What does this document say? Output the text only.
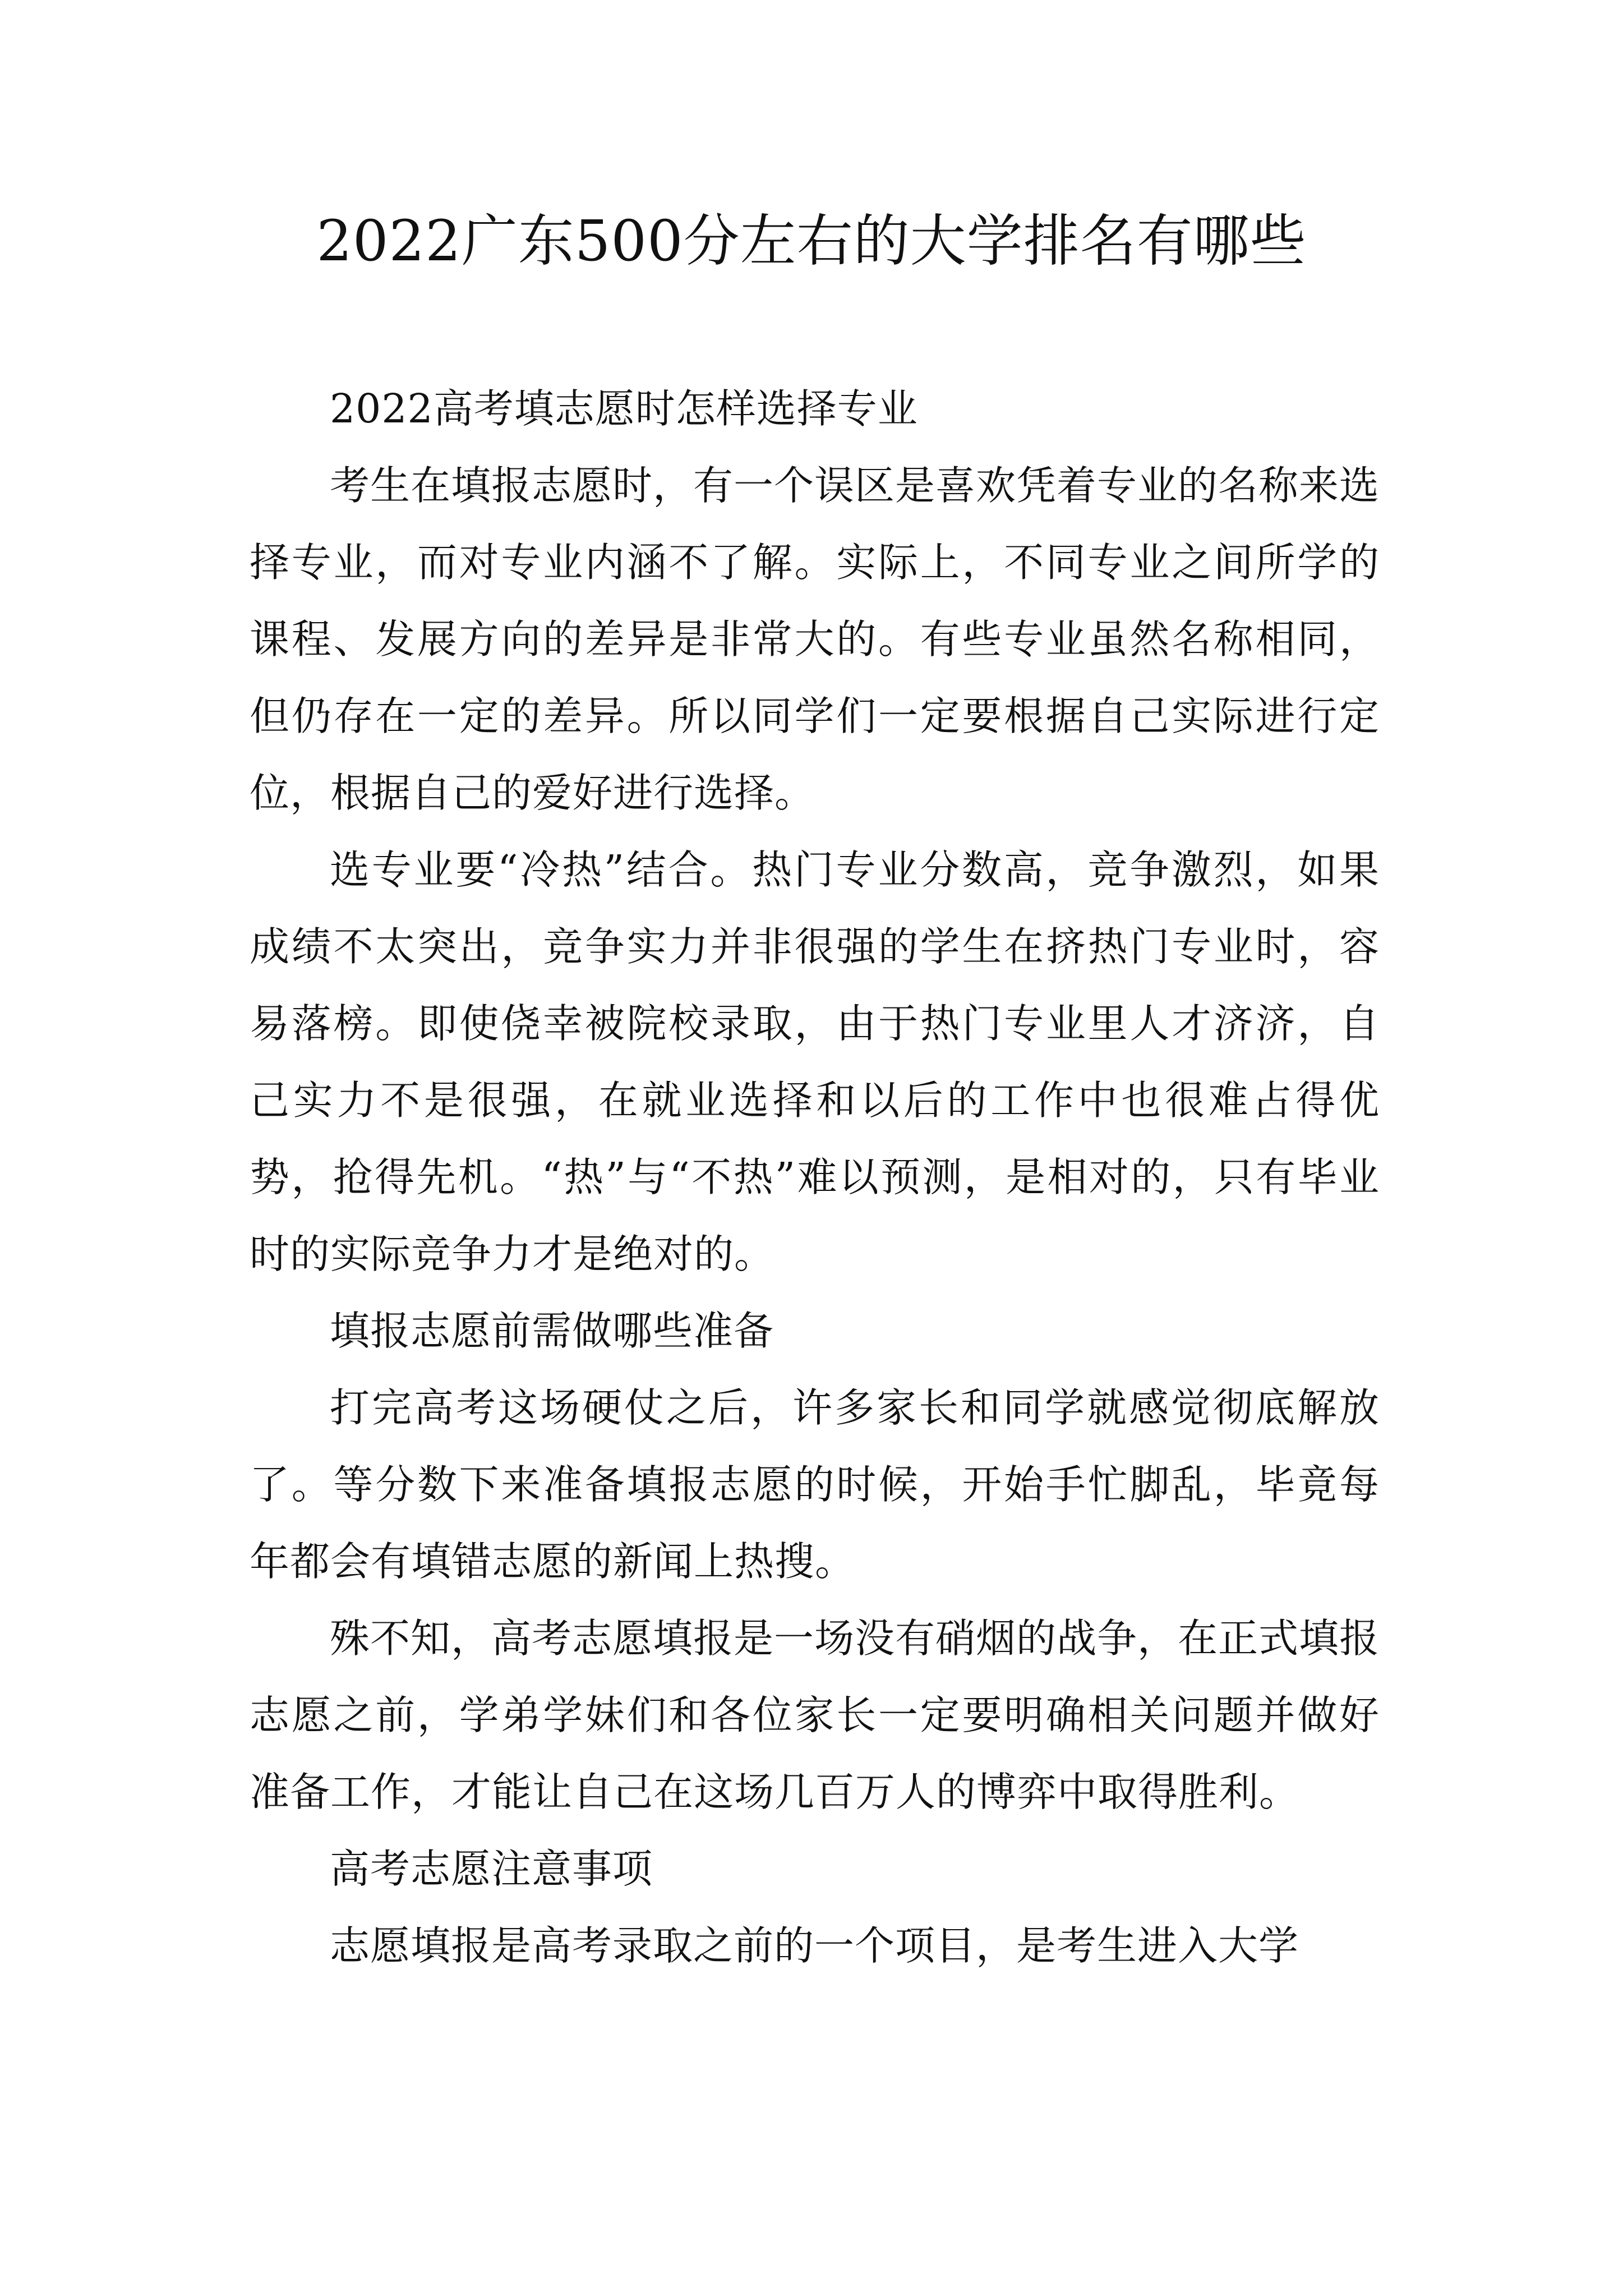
2022广东500分左右的大学排名有哪些

2022高考填志愿时怎样选择专业

考生在填报志愿时，有一个误区是喜欢凭着专业的名称来选择专业，而对专业内涵不了解。实际上，不同专业之间所学的课程、发展方向的差异是非常大的。有些专业虽然名称相同，但仍存在一定的差异。所以同学们一定要根据自己实际进行定位，根据自己的爱好进行选择。

选专业要“冷热”结合。热门专业分数高，竞争激烈，如果成绩不太突出，竞争实力并非很强的学生在挤热门专业时，容易落榜。即使侥幸被院校录取，由于热门专业里人才济济，自己实力不是很强，在就业选择和以后的工作中也很难占得优势，抢得先机。“热”与“不热”难以预测，是相对的，只有毕业时的实际竞争力才是绝对的。

填报志愿前需做哪些准备

打完高考这场硬仗之后，许多家长和同学就感觉彻底解放了。等分数下来准备填报志愿的时候，开始手忙脚乱，毕竟每年都会有填错志愿的新闻上热搜。

殊不知，高考志愿填报是一场没有硝烟的战争，在正式填报志愿之前，学弟学妹们和各位家长一定要明确相关问题并做好准备工作，才能让自己在这场几百万人的博弈中取得胜利。

高考志愿注意事项

志愿填报是高考录取之前的一个项目，是考生进入大学
